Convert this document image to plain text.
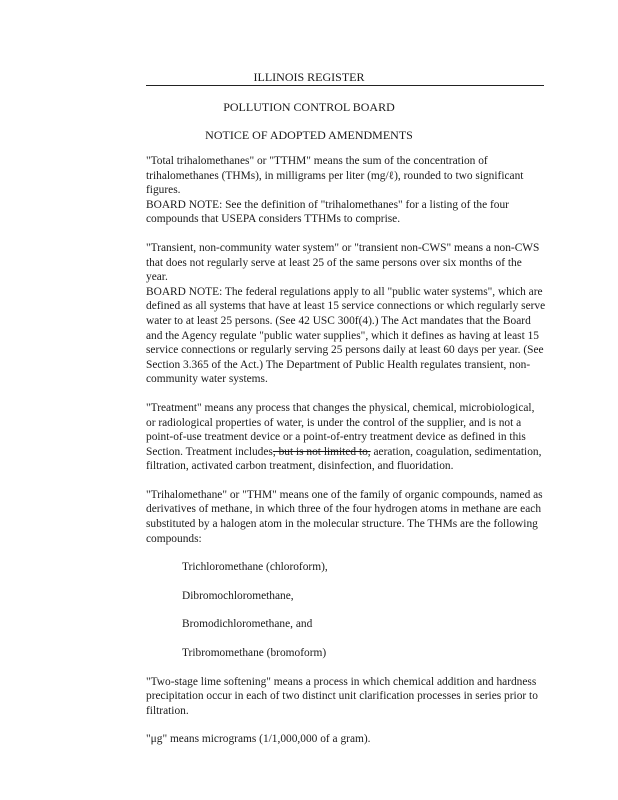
ILLINOIS REGISTER
POLLUTION CONTROL BOARD
NOTICE OF ADOPTED AMENDMENTS

"Total trihalomethanes" or "TTHM" means the sum of the concentration of trihalomethanes (THMs), in milligrams per liter (mg/ℓ), rounded to two significant figures.

BOARD NOTE: See the definition of "trihalomethanes" for a listing of the four compounds that USEPA considers TTHMs to comprise.

"Transient, non-community water system" or "transient non-CWS" means a non-CWS that does not regularly serve at least 25 of the same persons over six months of the year.

BOARD NOTE: The federal regulations apply to all "public water systems", which are defined as all systems that have at least 15 service connections or which regularly serve water to at least 25 persons. (See 42 USC 300f(4).) The Act mandates that the Board and the Agency regulate "public water supplies", which it defines as having at least 15 service connections or regularly serving 25 persons daily at least 60 days per year. (See Section 3.365 of the Act.) The Department of Public Health regulates transient, non-community water systems.

"Treatment" means any process that changes the physical, chemical, microbiological, or radiological properties of water, is under the control of the supplier, and is not a point-of-use treatment device or a point-of-entry treatment device as defined in this Section. Treatment includes, but is not limited to, aeration, coagulation, sedimentation, filtration, activated carbon treatment, disinfection, and fluoridation.

"Trihalomethane" or "THM" means one of the family of organic compounds, named as derivatives of methane, in which three of the four hydrogen atoms in methane are each substituted by a halogen atom in the molecular structure. The THMs are the following compounds:

Trichloromethane (chloroform),
Dibromochloromethane,
Bromodichloromethane, and
Tribromomethane (bromoform)

"Two-stage lime softening" means a process in which chemical addition and hardness precipitation occur in each of two distinct unit clarification processes in series prior to filtration.

"μg" means micrograms (1/1,000,000 of a gram).
